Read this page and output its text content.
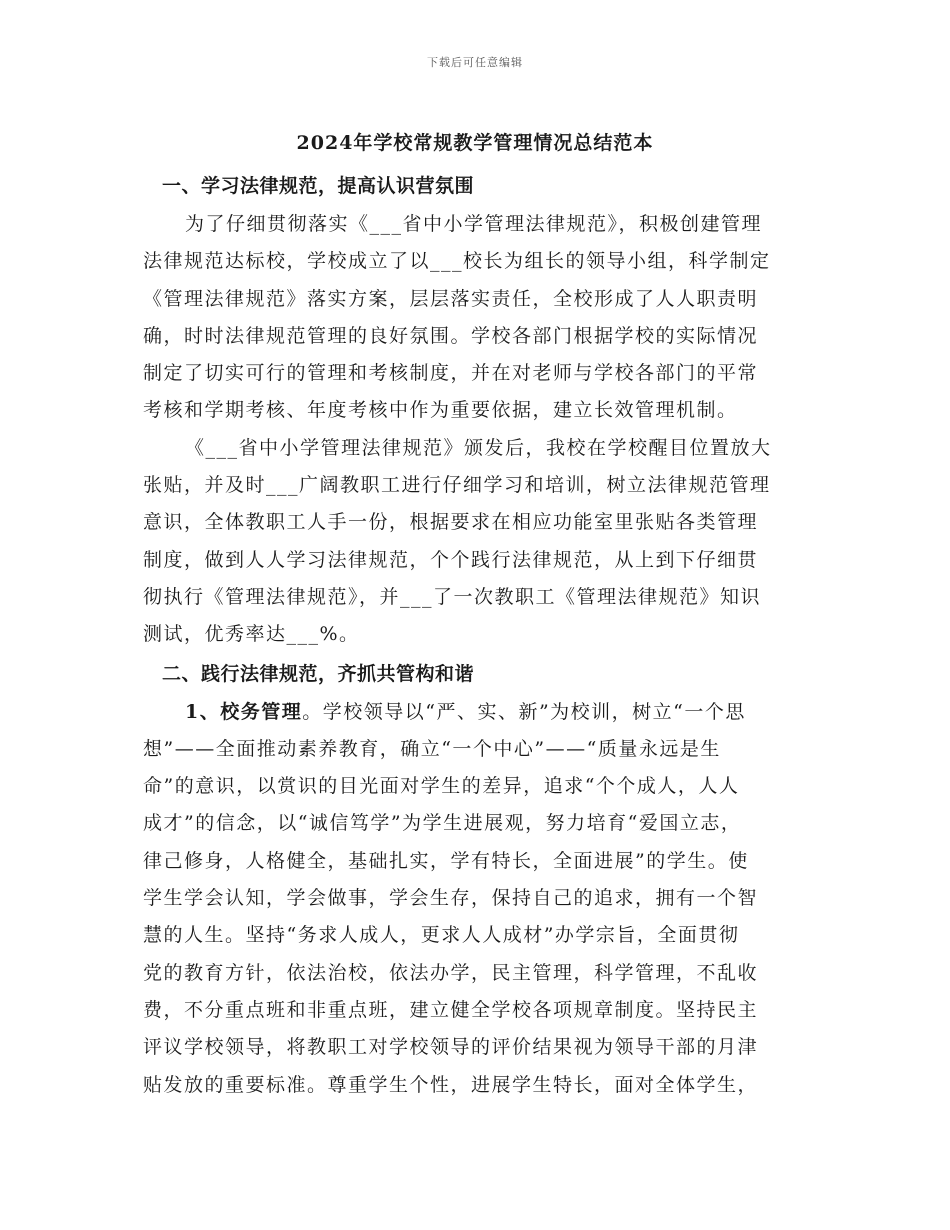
下载后可任意编辑
2024年学校常规教学管理情况总结范本
一、学习法律规范，提高认识营氛围
为了仔细贯彻落实《___省中小学管理法律规范》，积极创建管理
法律规范达标校，学校成立了以___校长为组长的领导小组，科学制定
《管理法律规范》落实方案，层层落实责任，全校形成了人人职责明
确，时时法律规范管理的良好氛围。学校各部门根据学校的实际情况
制定了切实可行的管理和考核制度，并在对老师与学校各部门的平常
考核和学期考核、年度考核中作为重要依据，建立长效管理机制。
《___省中小学管理法律规范》颁发后，我校在学校醒目位置放大
张贴，并及时___广阔教职工进行仔细学习和培训，树立法律规范管理
意识，全体教职工人手一份，根据要求在相应功能室里张贴各类管理
制度，做到人人学习法律规范，个个践行法律规范，从上到下仔细贯
彻执行《管理法律规范》，并___了一次教职工《管理法律规范》知识
测试，优秀率达___%。
二、践行法律规范，齐抓共管构和谐
1、校务管理。学校领导以“严、实、新”为校训，树立“一个思
想”——全面推动素养教育，确立“一个中心”——“质量永远是生
命”的意识，以赏识的目光面对学生的差异，追求“个个成人，人人
成才”的信念，以“诚信笃学”为学生进展观，努力培育“爱国立志，
律己修身，人格健全，基础扎实，学有特长，全面进展”的学生。使
学生学会认知，学会做事，学会生存，保持自己的追求，拥有一个智
慧的人生。坚持“务求人成人，更求人人成材”办学宗旨，全面贯彻
党的教育方针，依法治校，依法办学，民主管理，科学管理，不乱收
费，不分重点班和非重点班，建立健全学校各项规章制度。坚持民主
评议学校领导，将教职工对学校领导的评价结果视为领导干部的月津
贴发放的重要标准。尊重学生个性，进展学生特长，面对全体学生，
